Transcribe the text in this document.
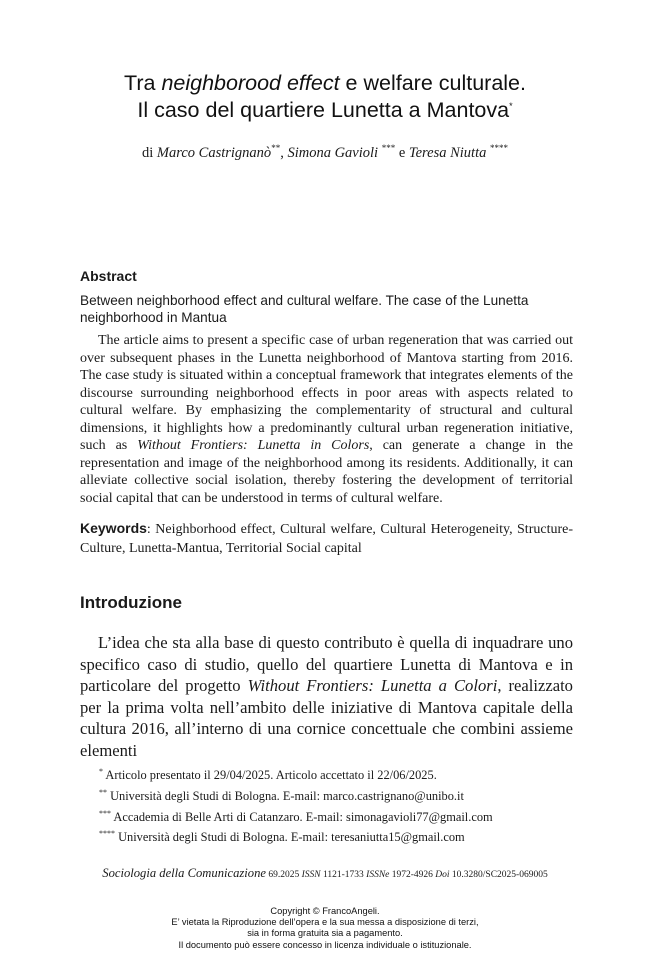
Tra neighborood effect e welfare culturale.
Il caso del quartiere Lunetta a Mantova*
di Marco Castrignanò**, Simona Gavioli *** e Teresa Niutta ****
Abstract
Between neighborhood effect and cultural welfare. The case of the Lunetta neighborhood in Mantua

The article aims to present a specific case of urban regeneration that was carried out over subsequent phases in the Lunetta neighborhood of Mantova starting from 2016. The case study is situated within a conceptual framework that integrates elements of the discourse surrounding neighborhood effects in poor areas with aspects related to cultural welfare. By emphasizing the complementarity of structural and cultural dimensions, it highlights how a predominantly cultural urban regeneration initiative, such as Without Frontiers: Lunetta in Colors, can generate a change in the representation and image of the neighborhood among its residents. Additionally, it can alleviate collective social isolation, thereby fostering the development of territorial social capital that can be understood in terms of cultural welfare.

Keywords: Neighborhood effect, Cultural welfare, Cultural Heterogeneity, Structure-Culture, Lunetta-Mantua, Territorial Social capital

Introduzione

L’idea che sta alla base di questo contributo è quella di inquadrare uno specifico caso di studio, quello del quartiere Lunetta di Mantova e in particolare del progetto Without Frontiers: Lunetta a Colori, realizzato per la prima volta nell’ambito delle iniziative di Mantova capitale della cultura 2016, all’interno di una cornice concettuale che combini assieme elementi

* Articolo presentato il 29/04/2025. Articolo accettato il 22/06/2025.
** Università degli Studi di Bologna. E-mail: marco.castrignano@unibo.it
*** Accademia di Belle Arti di Catanzaro. E-mail: simonagavioli77@gmail.com
**** Università degli Studi di Bologna. E-mail: teresaniutta15@gmail.com
Sociologia della Comunicazione 69.2025 ISSN 1121-1733 ISSNe 1972-4926 Doi 10.3280/SC2025-069005
Copyright © FrancoAngeli.
E’ vietata la Riproduzione dell’opera e la sua messa a disposizione di terzi,
sia in forma gratuita sia a pagamento.
Il documento può essere concesso in licenza individuale o istituzionale.
